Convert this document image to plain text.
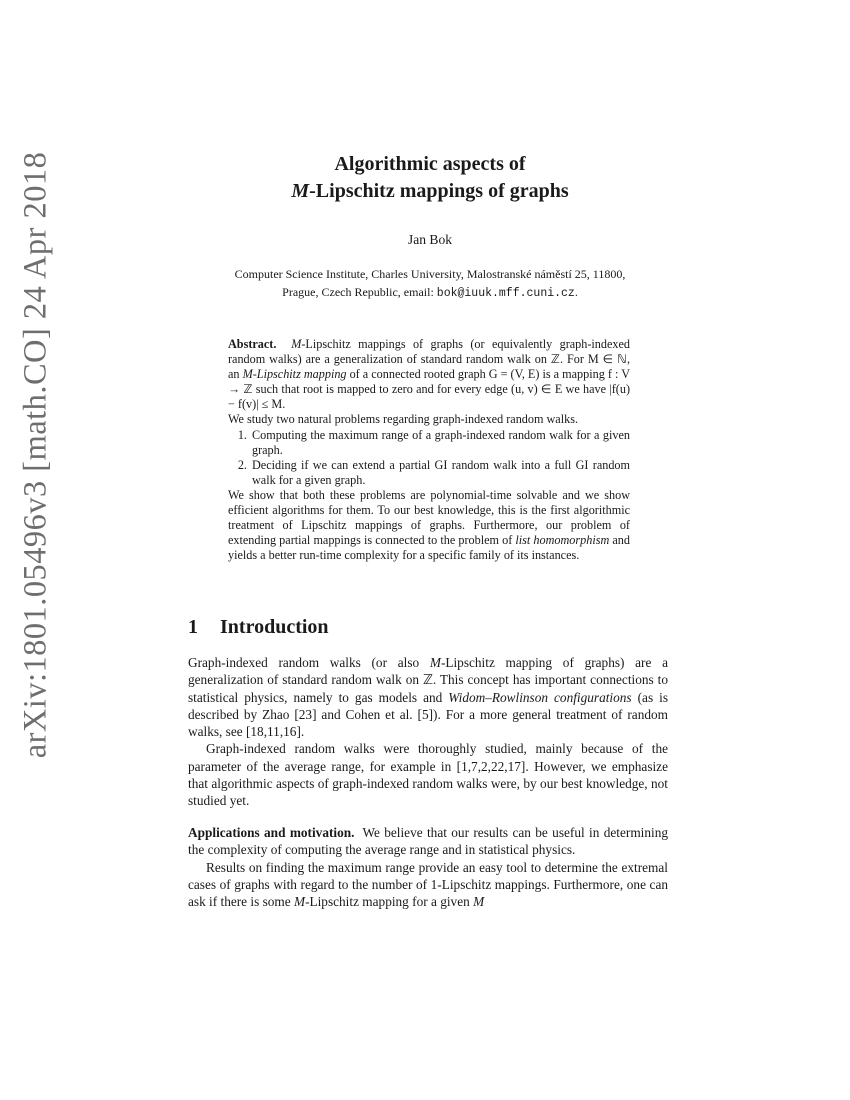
arXiv:1801.05496v3 [math.CO] 24 Apr 2018	Algorithmic aspects of
M-Lipschitz mappings of graphs
Jan Bok
Computer Science Institute, Charles University, Malostranské náměstí 25, 11800,
Prague, Czech Republic, email: bok@iuuk.mff.cuni.cz.

Abstract. M-Lipschitz mappings of graphs (or equivalently graph-indexed random walks) are a generalization of standard random walk on ℤ. For M ∈ ℕ, an M-Lipschitz mapping of a connected rooted graph G = (V, E) is a mapping f : V → ℤ such that root is mapped to zero and for every edge (u, v) ∈ E we have |f(u) − f(v)| ≤ M.

We study two natural problems regarding graph-indexed random walks.

1. Computing the maximum range of a graph-indexed random walk for a given graph.
2. Deciding if we can extend a partial GI random walk into a full GI random walk for a given graph.

We show that both these problems are polynomial-time solvable and we show efficient algorithms for them. To our best knowledge, this is the first algorithmic treatment of Lipschitz mappings of graphs. Furthermore, our problem of extending partial mappings is connected to the problem of list homomorphism and yields a better run-time complexity for a specific family of its instances.

1 Introduction

Graph-indexed random walks (or also M-Lipschitz mapping of graphs) are a generalization of standard random walk on ℤ. This concept has important connections to statistical physics, namely to gas models and Widom–Rowlinson configurations (as is described by Zhao [23] and Cohen et al. [5]). For a more general treatment of random walks, see [18,11,16].

Graph-indexed random walks were thoroughly studied, mainly because of the parameter of the average range, for example in [1,7,2,22,17]. However, we emphasize that algorithmic aspects of graph-indexed random walks were, by our best knowledge, not studied yet.

Applications and motivation. We believe that our results can be useful in determining the complexity of computing the average range and in statistical physics.

Results on finding the maximum range provide an easy tool to determine the extremal cases of graphs with regard to the number of 1-Lipschitz mappings. Furthermore, one can ask if there is some M-Lipschitz mapping for a given M
